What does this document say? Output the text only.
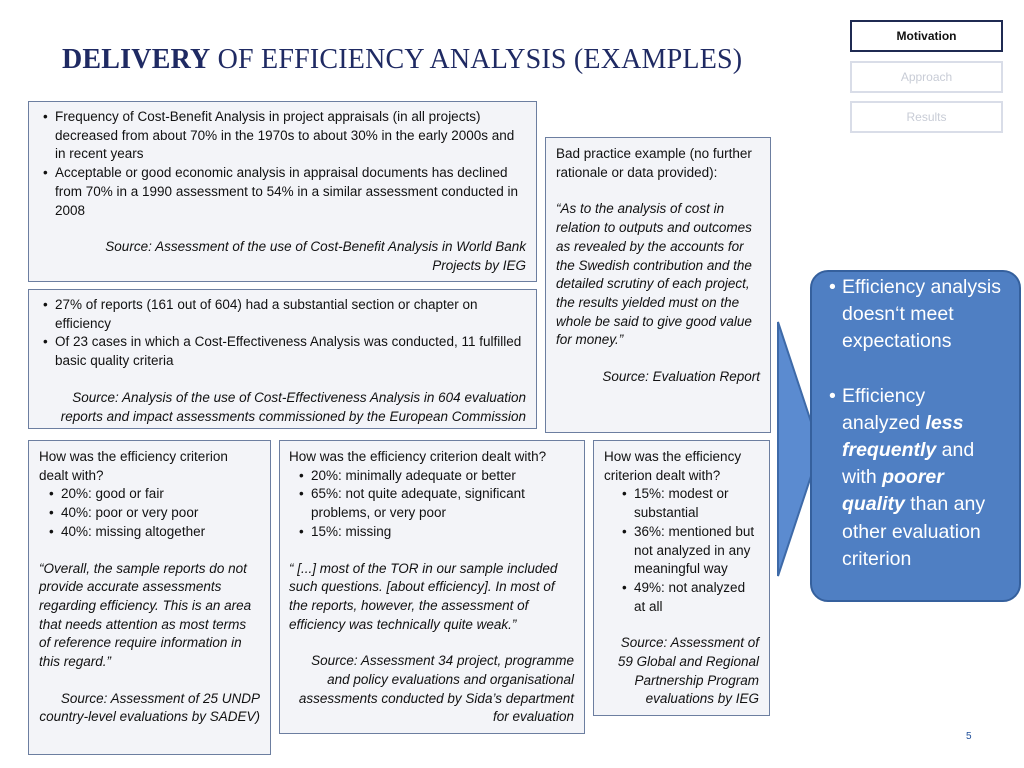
Motivation
Approach
Results
DELIVERY OF EFFICIENCY ANALYSIS (EXAMPLES)
• Frequency of Cost-Benefit Analysis in project appraisals (in all projects) decreased from about 70% in the 1970s to about 30% in the early 2000s and in recent years
• Acceptable or good economic analysis in appraisal documents has declined from 70% in a 1990 assessment to 54% in a similar assessment conducted in 2008
Source: Assessment of the use of Cost-Benefit Analysis in World Bank Projects by IEG
• 27% of reports (161 out of 604) had a substantial section or chapter on efficiency
• Of 23 cases in which a Cost-Effectiveness Analysis was conducted, 11 fulfilled basic quality criteria
Source: Analysis of the use of Cost-Effectiveness Analysis in 604 evaluation reports and impact assessments commissioned by the European Commission
Bad practice example (no further rationale or data provided):
“As to the analysis of cost in relation to outputs and outcomes as revealed by the accounts for the Swedish contribution and the detailed scrutiny of each project, the results yielded must on the whole be said to give good value for money.”
Source: Evaluation Report
How was the efficiency criterion dealt with?
• 20%: good or fair
• 40%: poor or very poor
• 40%: missing altogether
“Overall, the sample reports do not provide accurate assessments regarding efficiency. This is an area that needs attention as most terms of reference require information in this regard.”
Source: Assessment of 25 UNDP country-level evaluations by SADEV)
How was the efficiency criterion dealt with?
• 20%: minimally adequate or better
• 65%: not quite adequate, significant problems, or very poor
• 15%: missing
“ [...] most of the TOR in our sample included such questions. [about efficiency]. In most of the reports, however, the assessment of efficiency was technically quite weak.”
Source: Assessment 34 project, programme and policy evaluations and organisational assessments conducted by Sida’s department for evaluation
How was the efficiency criterion dealt with?
• 15%: modest or substantial
• 36%: mentioned but not analyzed in any meaningful way
• 49%: not analyzed at all
Source: Assessment of 59 Global and Regional Partnership Program evaluations by IEG
• Efficiency analysis doesn‘t meet expectations
• Efficiency analyzed less frequently and with poorer quality than any other evaluation criterion
5
